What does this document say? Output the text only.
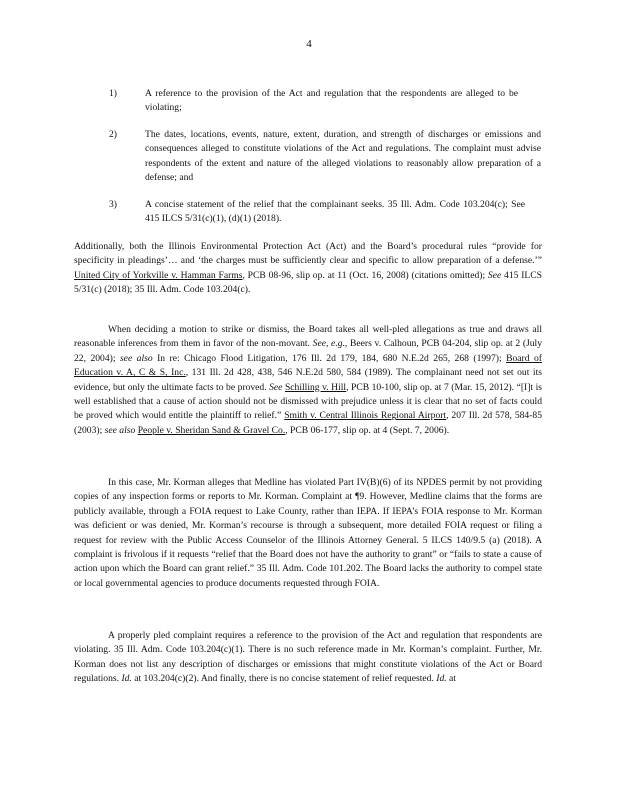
4
1)	A reference to the provision of the Act and regulation that the respondents are alleged to be violating;
2)	The dates, locations, events, nature, extent, duration, and strength of discharges or emissions and consequences alleged to constitute violations of the Act and regulations. The complaint must advise respondents of the extent and nature of the alleged violations to reasonably allow preparation of a defense; and
3)	A concise statement of the relief that the complainant seeks. 35 Ill. Adm. Code 103.204(c); See 415 ILCS 5/31(c)(1), (d)(1) (2018).
Additionally, both the Illinois Environmental Protection Act (Act) and the Board’s procedural rules “provide for specificity in pleadings’… and ‘the charges must be sufficiently clear and specific to allow preparation of a defense.’” United City of Yorkville v. Hamman Farms, PCB 08-96, slip op. at 11 (Oct. 16, 2008) (citations omitted); See 415 ILCS 5/31(c) (2018); 35 Ill. Adm. Code 103.204(c).
When deciding a motion to strike or dismiss, the Board takes all well-pled allegations as true and draws all reasonable inferences from them in favor of the non-movant. See, e.g., Beers v. Calhoun, PCB 04-204, slip op. at 2 (July 22, 2004); see also In re: Chicago Flood Litigation, 176 Ill. 2d 179, 184, 680 N.E.2d 265, 268 (1997); Board of Education v. A, C & S, Inc., 131 Ill. 2d 428, 438, 546 N.E.2d 580, 584 (1989). The complainant need not set out its evidence, but only the ultimate facts to be proved. See Schilling v. Hill, PCB 10-100, slip op. at 7 (Mar. 15, 2012). “[I]t is well established that a cause of action should not be dismissed with prejudice unless it is clear that no set of facts could be proved which would entitle the plaintiff to relief.” Smith v. Central Illinois Regional Airport, 207 Ill. 2d 578, 584-85 (2003); see also People v. Sheridan Sand & Gravel Co., PCB 06-177, slip op. at 4 (Sept. 7, 2006).
In this case, Mr. Korman alleges that Medline has violated Part IV(B)(6) of its NPDES permit by not providing copies of any inspection forms or reports to Mr. Korman. Complaint at ¶9. However, Medline claims that the forms are publicly available, through a FOIA request to Lake County, rather than IEPA. If IEPA’s FOIA response to Mr. Korman was deficient or was denied, Mr. Korman’s recourse is through a subsequent, more detailed FOIA request or filing a request for review with the Public Access Counselor of the Illinois Attorney General. 5 ILCS 140/9.5 (a) (2018). A complaint is frivolous if it requests “relief that the Board does not have the authority to grant” or “fails to state a cause of action upon which the Board can grant relief.” 35 Ill. Adm. Code 101.202. The Board lacks the authority to compel state or local governmental agencies to produce documents requested through FOIA.
A properly pled complaint requires a reference to the provision of the Act and regulation that respondents are violating. 35 Ill. Adm. Code 103.204(c)(1). There is no such reference made in Mr. Korman’s complaint. Further, Mr. Korman does not list any description of discharges or emissions that might constitute violations of the Act or Board regulations. Id. at 103.204(c)(2). And finally, there is no concise statement of relief requested. Id. at
